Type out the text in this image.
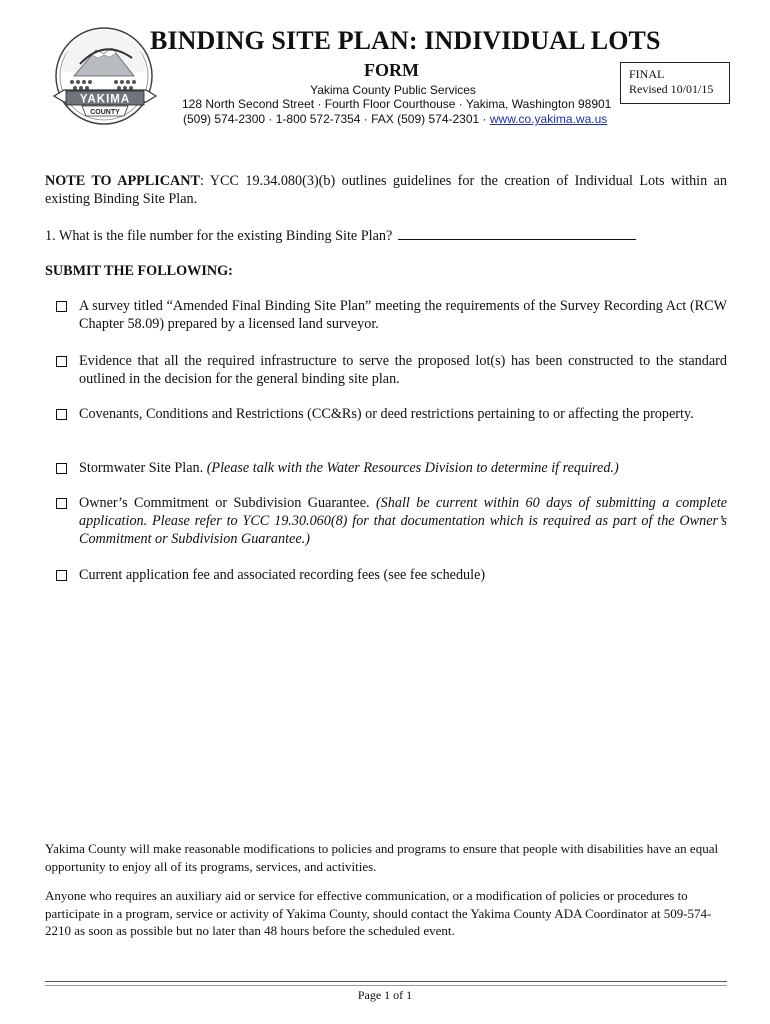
YAKIMA
COUNTY
BINDING SITE PLAN: INDIVIDUAL LOTS
FORM
Yakima County Public Services
128 North Second Street · Fourth Floor Courthouse · Yakima, Washington 98901
(509) 574-2300 · 1-800 572-7354 · FAX (509) 574-2301 · www.co.yakima.wa.us
FINAL
Revised 10/01/15
NOTE TO APPLICANT: YCC 19.34.080(3)(b) outlines guidelines for the creation of Individual Lots within an existing Binding Site Plan.
1. What is the file number for the existing Binding Site Plan?
SUBMIT THE FOLLOWING:
A survey titled “Amended Final Binding Site Plan” meeting the requirements of the Survey Recording Act (RCW Chapter 58.09) prepared by a licensed land surveyor.
Evidence that all the required infrastructure to serve the proposed lot(s) has been constructed to the standard outlined in the decision for the general binding site plan.
Covenants, Conditions and Restrictions (CC&Rs) or deed restrictions pertaining to or affecting the property.
Stormwater Site Plan. (Please talk with the Water Resources Division to determine if required.)
Owner’s Commitment or Subdivision Guarantee. (Shall be current within 60 days of submitting a complete application. Please refer to YCC 19.30.060(8) for that documentation which is required as part of the Owner’s Commitment or Subdivision Guarantee.)
Current application fee and associated recording fees (see fee schedule)
Yakima County will make reasonable modifications to policies and programs to ensure that people with disabilities have an equal opportunity to enjoy all of its programs, services, and activities.
Anyone who requires an auxiliary aid or service for effective communication, or a modification of policies or procedures to participate in a program, service or activity of Yakima County, should contact the Yakima County ADA Coordinator at 509-574-2210 as soon as possible but no later than 48 hours before the scheduled event.
Page 1 of 1
